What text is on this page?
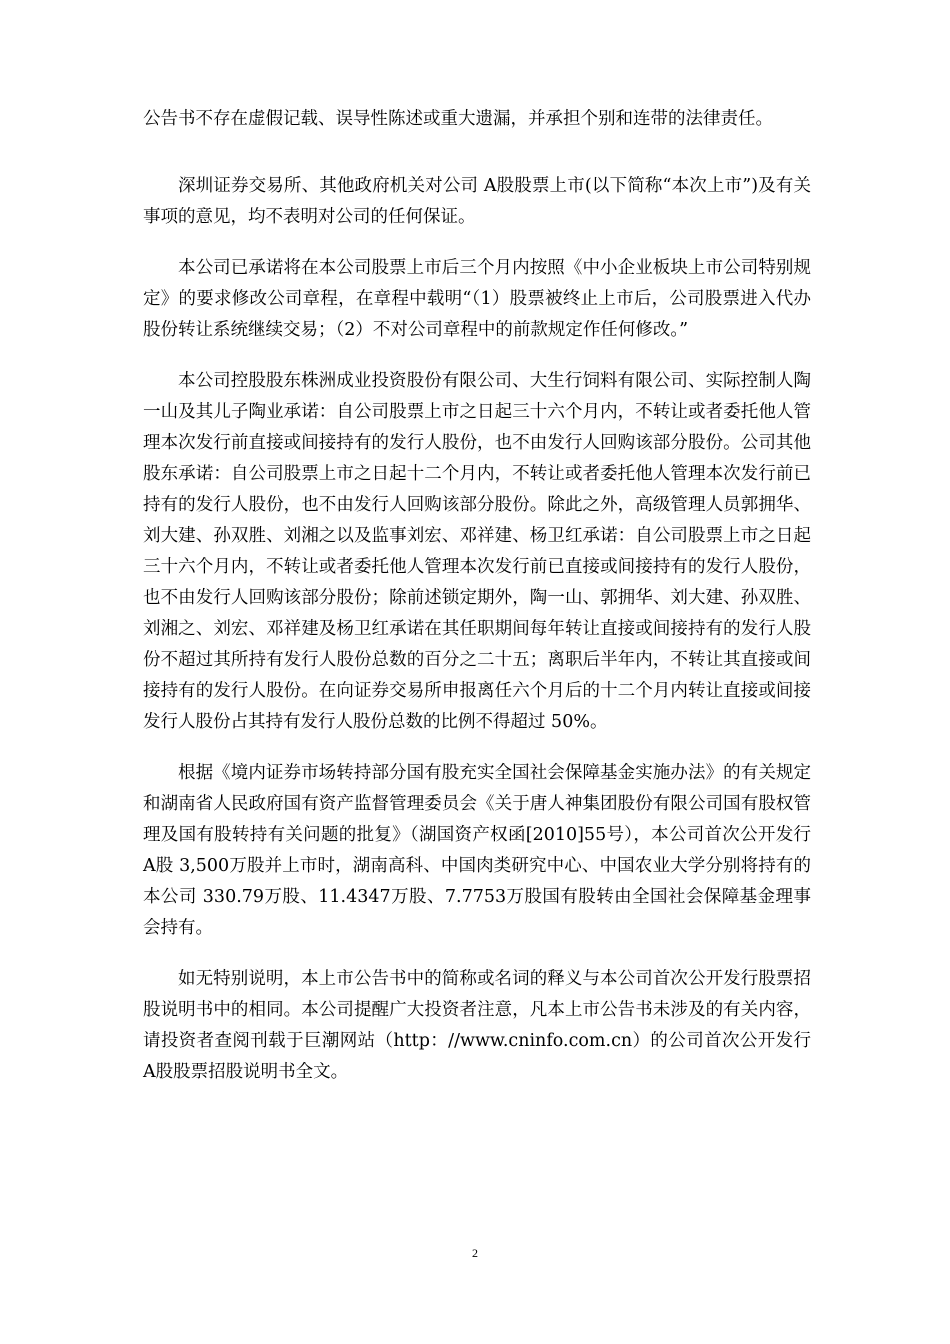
公告书不存在虚假记载、误导性陈述或重大遗漏，并承担个别和连带的法律责任。

深圳证券交易所、其他政府机关对公司 A股股票上市(以下简称“本次上市”)及有关事项的意见，均不表明对公司的任何保证。

本公司已承诺将在本公司股票上市后三个月内按照《中小企业板块上市公司特别规定》的要求修改公司章程，在章程中载明“（1）股票被终止上市后，公司股票进入代办股份转让系统继续交易；（2）不对公司章程中的前款规定作任何修改。”

本公司控股股东株洲成业投资股份有限公司、大生行饲料有限公司、实际控制人陶一山及其儿子陶业承诺：自公司股票上市之日起三十六个月内，不转让或者委托他人管理本次发行前直接或间接持有的发行人股份，也不由发行人回购该部分股份。公司其他股东承诺：自公司股票上市之日起十二个月内，不转让或者委托他人管理本次发行前已持有的发行人股份，也不由发行人回购该部分股份。除此之外，高级管理人员郭拥华、刘大建、孙双胜、刘湘之以及监事刘宏、邓祥建、杨卫红承诺：自公司股票上市之日起三十六个月内，不转让或者委托他人管理本次发行前已直接或间接持有的发行人股份，也不由发行人回购该部分股份；除前述锁定期外，陶一山、郭拥华、刘大建、孙双胜、刘湘之、刘宏、邓祥建及杨卫红承诺在其任职期间每年转让直接或间接持有的发行人股份不超过其所持有发行人股份总数的百分之二十五；离职后半年内，不转让其直接或间接持有的发行人股份。在向证券交易所申报离任六个月后的十二个月内转让直接或间接发行人股份占其持有发行人股份总数的比例不得超过 50%。

根据《境内证券市场转持部分国有股充实全国社会保障基金实施办法》的有关规定和湖南省人民政府国有资产监督管理委员会《关于唐人神集团股份有限公司国有股权管理及国有股转持有关问题的批复》（湖国资产权函[2010]55号），本公司首次公开发行 A股 3,500万股并上市时，湖南高科、中国肉类研究中心、中国农业大学分别将持有的本公司 330.79万股、11.4347万股、7.7753万股国有股转由全国社会保障基金理事会持有。

如无特别说明，本上市公告书中的简称或名词的释义与本公司首次公开发行股票招股说明书中的相同。本公司提醒广大投资者注意，凡本上市公告书未涉及的有关内容，请投资者查阅刊载于巨潮网站（http：//www.cninfo.com.cn）的公司首次公开发行 A股股票招股说明书全文。

2
